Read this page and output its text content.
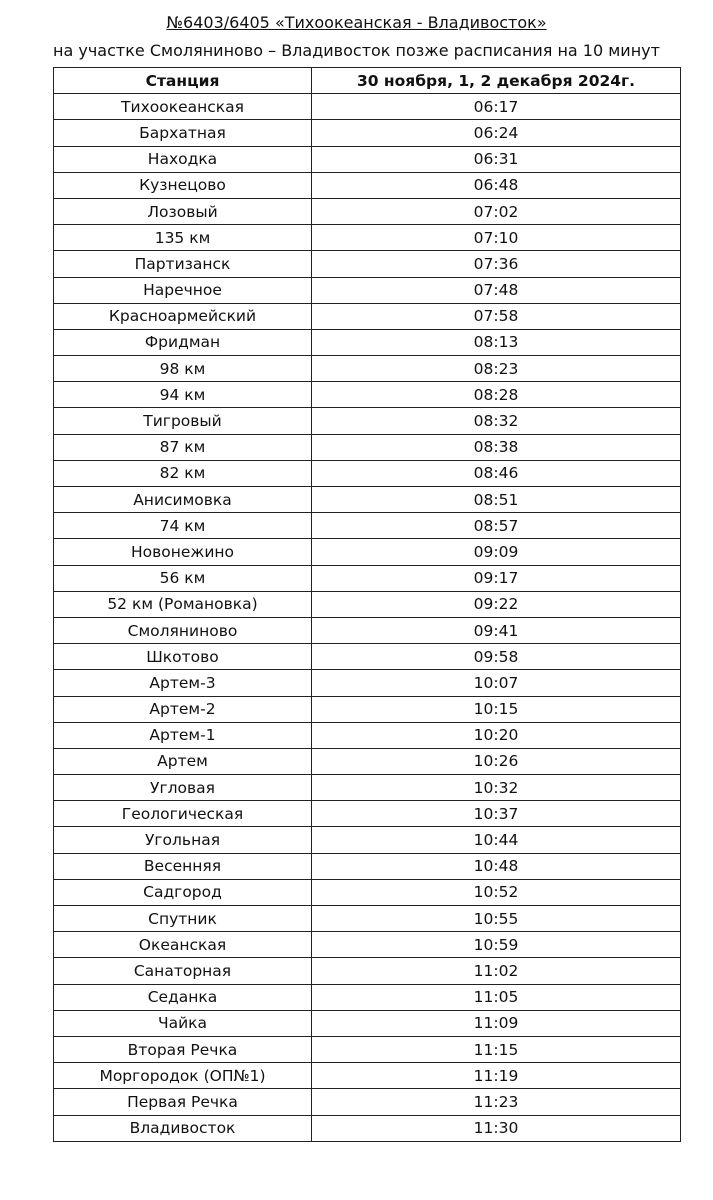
№6403/6405 «Тихоокеанская - Владивосток»
на участке Смоляниново – Владивосток позже расписания на 10 минут
Станция	30 ноября, 1, 2 декабря 2024г.
Тихоокеанская	06:17
Бархатная	06:24
Находка	06:31
Кузнецово	06:48
Лозовый	07:02
135 км	07:10
Партизанск	07:36
Наречное	07:48
Красноармейский	07:58
Фридман	08:13
98 км	08:23
94 км	08:28
Тигровый	08:32
87 км	08:38
82 км	08:46
Анисимовка	08:51
74 км	08:57
Новонежино	09:09
56 км	09:17
52 км (Романовка)	09:22
Смоляниново	09:41
Шкотово	09:58
Артем-3	10:07
Артем-2	10:15
Артем-1	10:20
Артем	10:26
Угловая	10:32
Геологическая	10:37
Угольная	10:44
Весенняя	10:48
Садгород	10:52
Спутник	10:55
Океанская	10:59
Санаторная	11:02
Седанка	11:05
Чайка	11:09
Вторая Речка	11:15
Моргородок (ОП№1)	11:19
Первая Речка	11:23
Владивосток	11:30
